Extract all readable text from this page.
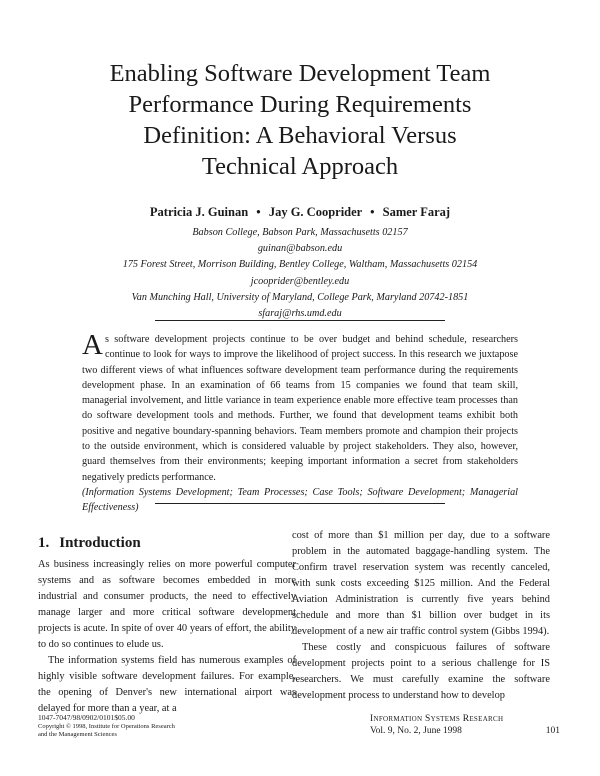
Enabling Software Development Team
Performance During Requirements
Definition: A Behavioral Versus
Technical Approach
Patricia J. Guinan • Jay G. Cooprider • Samer Faraj
Babson College, Babson Park, Massachusetts 02157
guinan@babson.edu
175 Forest Street, Morrison Building, Bentley College, Waltham, Massachusetts 02154
jcooprider@bentley.edu
Van Munching Hall, University of Maryland, College Park, Maryland 20742-1851
sfaraj@rhs.umd.edu
As software development projects continue to be over budget and behind schedule, researchers continue to look for ways to improve the likelihood of project success. In this research we juxtapose two different views of what influences software development team performance during the requirements development phase. In an examination of 66 teams from 15 companies we found that team skill, managerial involvement, and little variance in team experience enable more effective team processes than do software development tools and methods. Further, we found that development teams exhibit both positive and negative boundary-spanning behaviors. Team members promote and champion their projects to the outside environment, which is considered valuable by project stakeholders. They also, however, guard themselves from their environments; keeping important information a secret from stakeholders negatively predicts performance.
(Information Systems Development; Team Processes; Case Tools; Software Development; Managerial Effectiveness)
1. Introduction

As business increasingly relies on more powerful computer systems and as software becomes embedded in more industrial and consumer products, the need to effectively manage larger and more critical software development projects is acute. In spite of over 40 years of effort, the ability to do so continues to elude us.

The information systems field has numerous examples of highly visible software development failures. For example, the opening of Denver's new international airport was delayed for more than a year, at a

cost of more than $1 million per day, due to a software problem in the automated baggage-handling system. The Confirm travel reservation system was recently canceled, with sunk costs exceeding $125 million. And the Federal Aviation Administration is currently five years behind schedule and more than $1 billion over budget in its development of a new air traffic control system (Gibbs 1994).

These costly and conspicuous failures of software development projects point to a serious challenge for IS researchers. We must carefully examine the software development process to understand how to develop

1047-7047/98/0902/0101$05.00
Copyright © 1998, Institute for Operations Research
and the Management Sciences
Information Systems Research
Vol. 9, No. 2, June 1998	101
